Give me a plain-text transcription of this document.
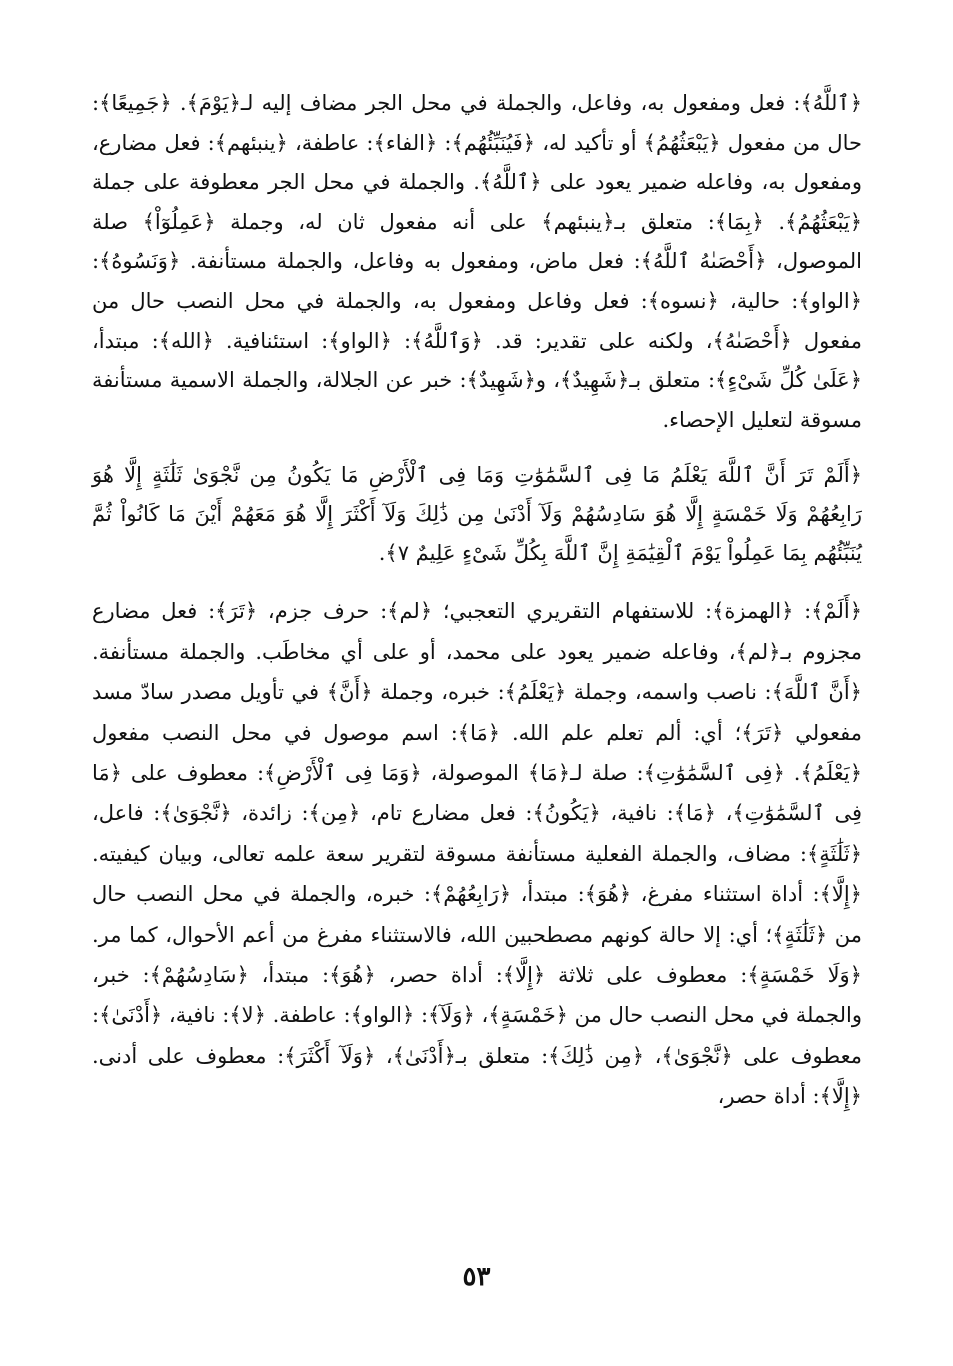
﴿ٱللَّهُ﴾: فعل ومفعول به، وفاعل، والجملة في محل الجر مضاف إليه لـ﴿يَوْمَ﴾. ﴿جَمِيعًا﴾: حال من مفعول ﴿يَبْعَثُهُمُ﴾ أو تأكيد له، ﴿فَيُنَبِّئُهُم﴾: ﴿الفاء﴾: عاطفة، ﴿ينبئهم﴾: فعل مضارع، ومفعول به، وفاعله ضمير يعود على ﴿ٱللَّهُ﴾. والجملة في محل الجر معطوفة على جملة ﴿يَبْعَثُهُمُ﴾. ﴿بِمَا﴾: متعلق بـ﴿ينبئهم﴾ على أنه مفعول ثان له، وجملة ﴿عَمِلُوٓاْ﴾ صلة الموصول، ﴿أَحْصَىٰهُ ٱللَّهُ﴾: فعل ماض، ومفعول به وفاعل، والجملة مستأنفة. ﴿وَنَسُوهُ﴾: ﴿الواو﴾: حالية، ﴿نسوه﴾: فعل وفاعل ومفعول به، والجملة في محل النصب حال من مفعول ﴿أَحْصَىٰهُ﴾، ولكنه على تقدير: قد. ﴿وَٱللَّهُ﴾: ﴿الواو﴾: استئنافية. ﴿الله﴾: مبتدأ، ﴿عَلَىٰ كُلِّ شَىْءٍ﴾: متعلق بـ﴿شَهِيدٌ﴾، و﴿شَهِيدٌ﴾: خبر عن الجلالة، والجملة الاسمية مستأنفة مسوقة لتعليل الإحصاء.

﴿أَلَمْ تَرَ أَنَّ ٱللَّهَ يَعْلَمُ مَا فِى ٱلسَّمَٰوَٰتِ وَمَا فِى ٱلْأَرْضِ مَا يَكُونُ مِن نَّجْوَىٰ ثَلَٰثَةٍ إِلَّا هُوَ رَابِعُهُمْ وَلَا خَمْسَةٍ إِلَّا هُوَ سَادِسُهُمْ وَلَآ أَدْنَىٰ مِن ذَٰلِكَ وَلَآ أَكْثَرَ إِلَّا هُوَ مَعَهُمْ أَيْنَ مَا كَانُواْ ثُمَّ يُنَبِّئُهُم بِمَا عَمِلُواْ يَوْمَ ٱلْقِيَٰمَةِ إِنَّ ٱللَّهَ بِكُلِّ شَىْءٍ عَلِيمٌ ٧﴾.

﴿أَلَمْ﴾: ﴿الهمزة﴾: للاستفهام التقريري التعجبي؛ ﴿لم﴾: حرف جزم، ﴿تَرَ﴾: فعل مضارع مجزوم بـ﴿لم﴾، وفاعله ضمير يعود على محمد، أو على أي مخاطَب. والجملة مستأنفة. ﴿أَنَّ ٱللَّهَ﴾: ناصب واسمه، وجملة ﴿يَعْلَمُ﴾: خبره، وجملة ﴿أَنَّ﴾ في تأويل مصدر سادّ مسد مفعولي ﴿تَرَ﴾؛ أي: ألم تعلم علم الله. ﴿مَا﴾: اسم موصول في محل النصب مفعول ﴿يَعْلَمُ﴾. ﴿فِى ٱلسَّمَٰوَٰتِ﴾: صلة لـ﴿مَا﴾ الموصولة، ﴿وَمَا فِى ٱلْأَرْضِ﴾: معطوف على ﴿مَا فِى ٱلسَّمَٰوَٰتِ﴾، ﴿مَا﴾: نافية، ﴿يَكُونُ﴾: فعل مضارع تام، ﴿مِن﴾: زائدة، ﴿نَّجْوَىٰ﴾: فاعل، ﴿ثَلَٰثَةٍ﴾: مضاف، والجملة الفعلية مستأنفة مسوقة لتقرير سعة علمه تعالى، وبيان كيفيته. ﴿إِلَّا﴾: أداة استثناء مفرغ، ﴿هُوَ﴾: مبتدأ، ﴿رَابِعُهُمْ﴾: خبره، والجملة في محل النصب حال من ﴿ثَلَٰثَةٍ﴾؛ أي: إلا حالة كونهم مصطحبين الله، فالاستثناء مفرغ من أعم الأحوال، كما مر. ﴿وَلَا خَمْسَةٍ﴾: معطوف على ثلاثة ﴿إِلَّا﴾: أداة حصر، ﴿هُوَ﴾: مبتدأ، ﴿سَادِسُهُمْ﴾: خبر، والجملة في محل النصب حال من ﴿خَمْسَةٍ﴾، ﴿وَلَآ﴾: ﴿الواو﴾: عاطفة. ﴿لا﴾: نافية، ﴿أَدْنَىٰ﴾: معطوف على ﴿نَّجْوَىٰ﴾، ﴿مِن ذَٰلِكَ﴾: متعلق بـ﴿أَدْنَىٰ﴾، ﴿وَلَآ أَكْثَرَ﴾: معطوف على أدنى. ﴿إِلَّا﴾: أداة حصر،

٥٣
